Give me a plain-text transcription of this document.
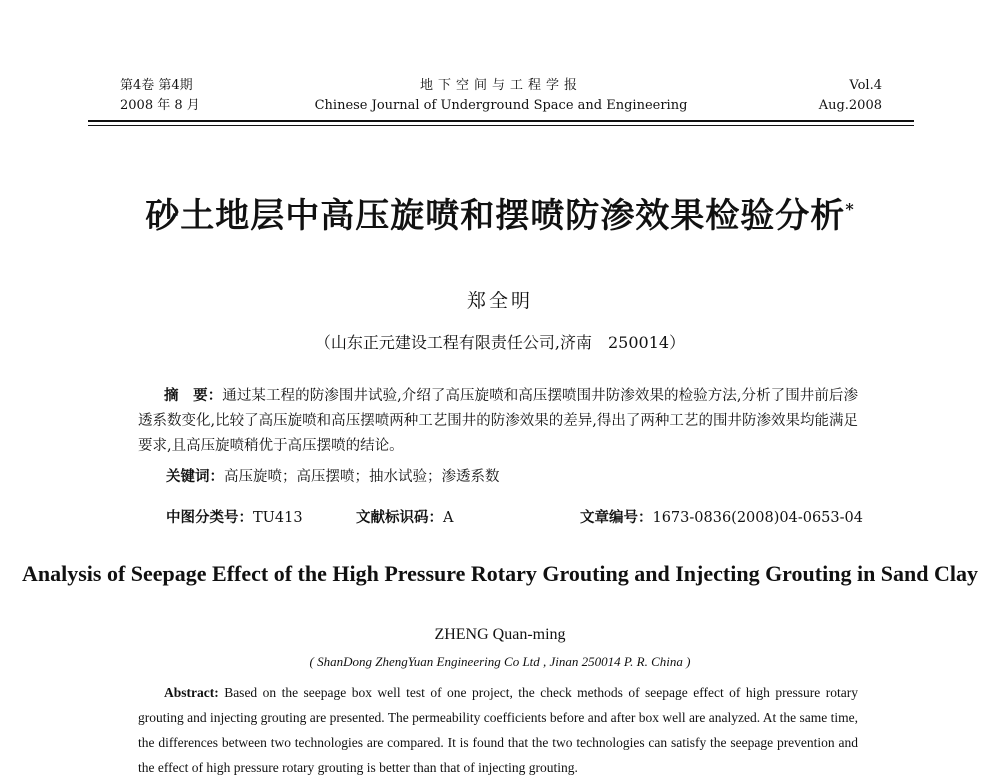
第4卷 第4期
2008 年 8 月
地下空间与工程学报
Chinese Journal of Underground Space and Engineering
Vol.4
Aug.2008
砂土地层中高压旋喷和摆喷防渗效果检验分析*
郑全明
（山东正元建设工程有限责任公司,济南　250014）
摘　要：通过某工程的防渗围井试验,介绍了高压旋喷和高压摆喷围井防渗效果的检验方法,分析了围井前后渗透系数变化,比较了高压旋喷和高压摆喷两种工艺围井的防渗效果的差异,得出了两种工艺的围井防渗效果均能满足要求,且高压旋喷稍优于高压摆喷的结论。
关键词：高压旋喷；高压摆喷；抽水试验；渗透系数
中图分类号：TU413	文献标识码：A	文章编号：1673-0836(2008)04-0653-04
Analysis of Seepage Effect of the High Pressure Rotary Grouting and Injecting Grouting in Sand Clay
ZHENG Quan-ming
( ShanDong ZhengYuan Engineering Co Ltd , Jinan 250014 P. R. China )
Abstract: Based on the seepage box well test of one project, the check methods of seepage effect of high pressure rotary grouting and injecting grouting are presented. The permeability coefficients before and after box well are analyzed. At the same time, the differences between two technologies are compared. It is found that the two technologies can satisfy the seepage prevention and the effect of high pressure rotary grouting is better than that of injecting grouting.
